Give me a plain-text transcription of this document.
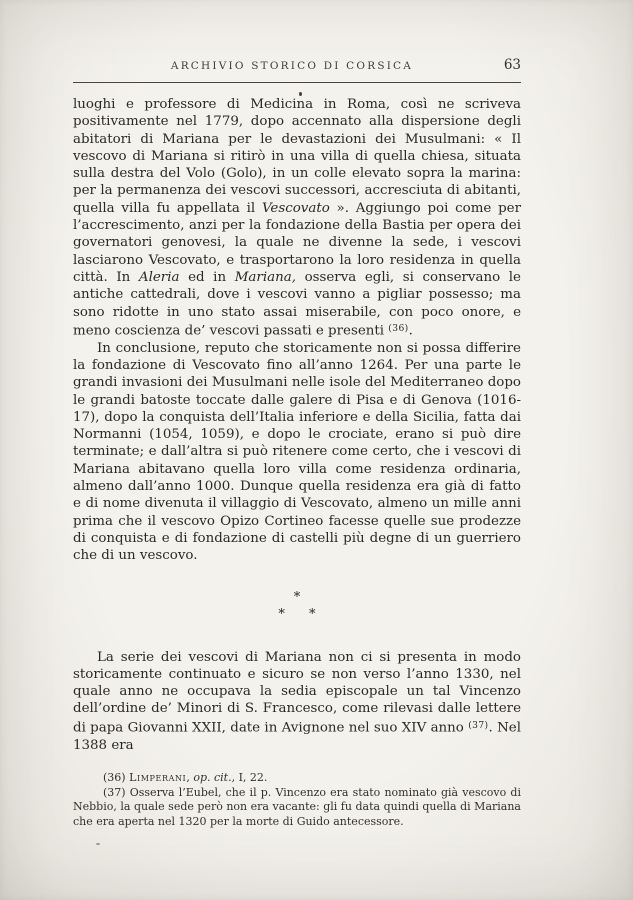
ARCHIVIO STORICO DI CORSICA	63

luoghi e professore di Medicina in Roma, così ne scriveva positivamente nel 1779, dopo accennato alla dispersione degli abitatori di Mariana per le devastazioni dei Musulmani: « Il vescovo di Mariana si ritirò in una villa di quella chiesa, situata sulla destra del Volo (Golo), in un colle elevato sopra la marina: per la permanenza dei vescovi successori, accresciuta di abitanti, quella villa fu appellata il Vescovato ». Aggiungo poi come per l’accrescimento, anzi per la fondazione della Bastia per opera dei governatori genovesi, la quale ne divenne la sede, i vescovi lasciarono Vescovato, e trasportarono la loro residenza in quella città. In Aleria ed in Mariana, osserva egli, si conservano le antiche cattedrali, dove i vescovi vanno a pigliar possesso; ma sono ridotte in uno stato assai miserabile, con poco onore, e meno coscienza de’ vescovi passati e presenti $^{(36)}$.

In conclusione, reputo che storicamente non si possa differire la fondazione di Vescovato fino all’anno 1264. Per una parte le grandi invasioni dei Musulmani nelle isole del Mediterraneo dopo le grandi batoste toccate dalle galere di Pisa e di Genova (1016-17), dopo la conquista dell’Italia inferiore e della Sicilia, fatta dai Normanni (1054, 1059), e dopo le crociate, erano si può dire terminate; e dall’altra si può ritenere come certo, che i vescovi di Mariana abitavano quella loro villa come residenza ordinaria, almeno dall’anno 1000. Dunque quella residenza era già di fatto e di nome divenuta il villaggio di Vescovato, almeno un mille anni prima che il vescovo Opizo Cortineo facesse quelle sue prodezze di conquista e di fondazione di castelli più degne di un guerriero che di un vescovo.

*
* *

La serie dei vescovi di Mariana non ci si presenta in modo storicamente continuato e sicuro se non verso l’anno 1330, nel quale anno ne occupava la sedia episcopale un tal Vincenzo dell’ordine de’ Minori di S. Francesco, come rilevasi dalle lettere di papa Giovanni XXII, date in Avignone nel suo XIV anno $^{(37)}$. Nel 1388 era

(36) Limperani, op. cit., I, 22.

(37) Osserva l’Eubel, che il p. Vincenzo era stato nominato già vescovo di Nebbio, la quale sede però non era vacante: gli fu data quindi quella di Mariana che era aperta nel 1320 per la morte di Guido antecessore.
